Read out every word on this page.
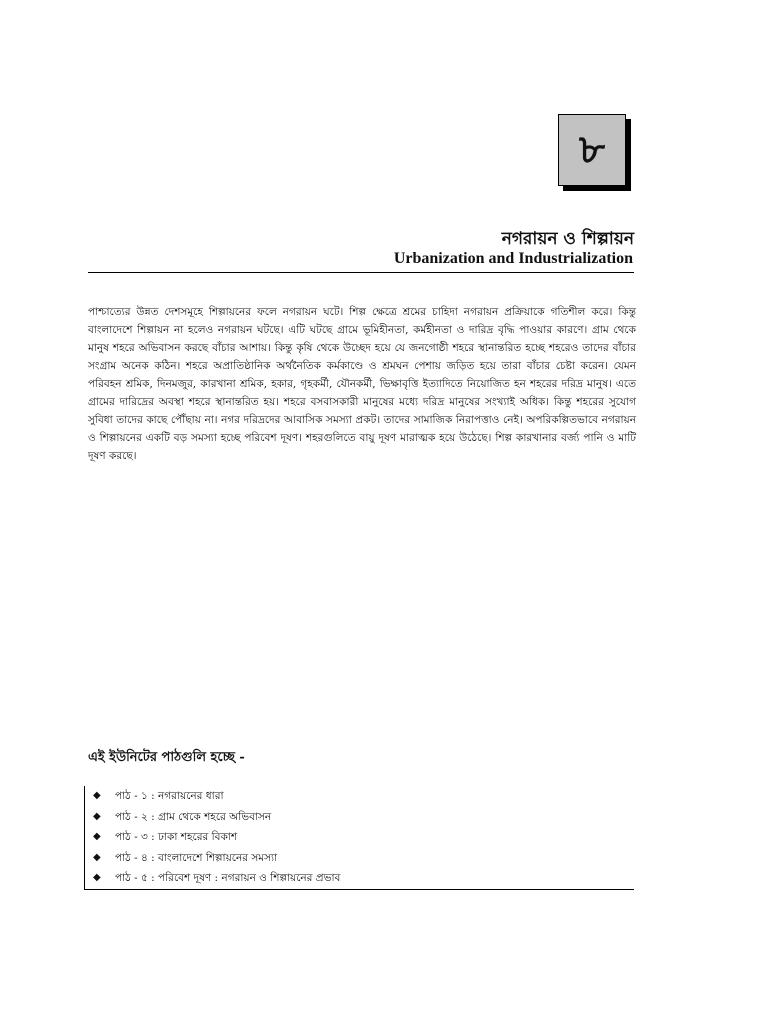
৮
নগরায়ন ও শিল্পায়ন
Urbanization and Industrialization

পাশ্চাত্যের উন্নত দেশসমূহে শিল্পায়নের ফলে নগরায়ন ঘটে। শিল্প ক্ষেত্রে শ্রমের চাহিদা নগরায়ন প্রক্রিয়াকে গতিশীল করে। কিন্তু বাংলাদেশে শিল্পায়ন না হলেও নগরায়ন ঘটছে। এটি ঘটছে গ্রামে ভূমিহীনতা, কর্মহীনতা ও দারিদ্র বৃদ্ধি পাওয়ার কারণে। গ্রাম থেকে মানুষ শহরে অভিবাসন করছে বাঁচার আশায়। কিন্তু কৃষি থেকে উচ্ছেদ হয়ে যে জনগোষ্ঠী শহরে স্থানান্তরিত হচ্ছে শহরেও তাদের বাঁচার সংগ্রাম অনেক কঠিন। শহরে অপ্রাতিষ্ঠানিক অর্থনৈতিক কর্মকাণ্ডে ও শ্রমঘন পেশায় জড়িত হয়ে তারা বাঁচার চেষ্টা করেন। যেমন পরিবহন শ্রমিক, দিনমজুর, কারখানা শ্রমিক, হকার, গৃহকর্মী, যৌনকর্মী, ভিক্ষাবৃত্তি ইত্যাদিতে নিয়োজিত হন শহরের দরিদ্র মানুষ। এতে গ্রামের দারিদ্রের অবস্থা শহরে স্থানান্তরিত হয়। শহরে বসবাসকারী মানুষের মধ্যে দরিদ্র মানুষের সংখ্যাই অধিক। কিন্তু শহরের সুযোগ সুবিধা তাদের কাছে পৌঁছায় না। নগর দরিদ্রদের আবাসিক সমস্যা প্রকট। তাদের সামাজিক নিরাপত্তাও নেই। অপরিকল্পিতভাবে নগরায়ন ও শিল্পায়নের একটি বড় সমস্যা হচ্ছে পরিবেশ দূষণ। শহরগুলিতে বায়ু দূষণ মারাত্মক হয়ে উঠেছে। শিল্প কারখানার বর্জ্য পানি ও মাটি দূষণ করছে।

এই ইউনিটের পাঠগুলি হচ্ছে -
◆ পাঠ - ১ : নগরায়নের ধারা
◆ পাঠ - ২ : গ্রাম থেকে শহরে অভিবাসন
◆ পাঠ - ৩ : ঢাকা শহরের বিকাশ
◆ পাঠ - ৪ : বাংলাদেশে শিল্পায়নের সমস্যা
◆ পাঠ - ৫ : পরিবেশ দূষণ : নগরায়ন ও শিল্পায়নের প্রভাব
